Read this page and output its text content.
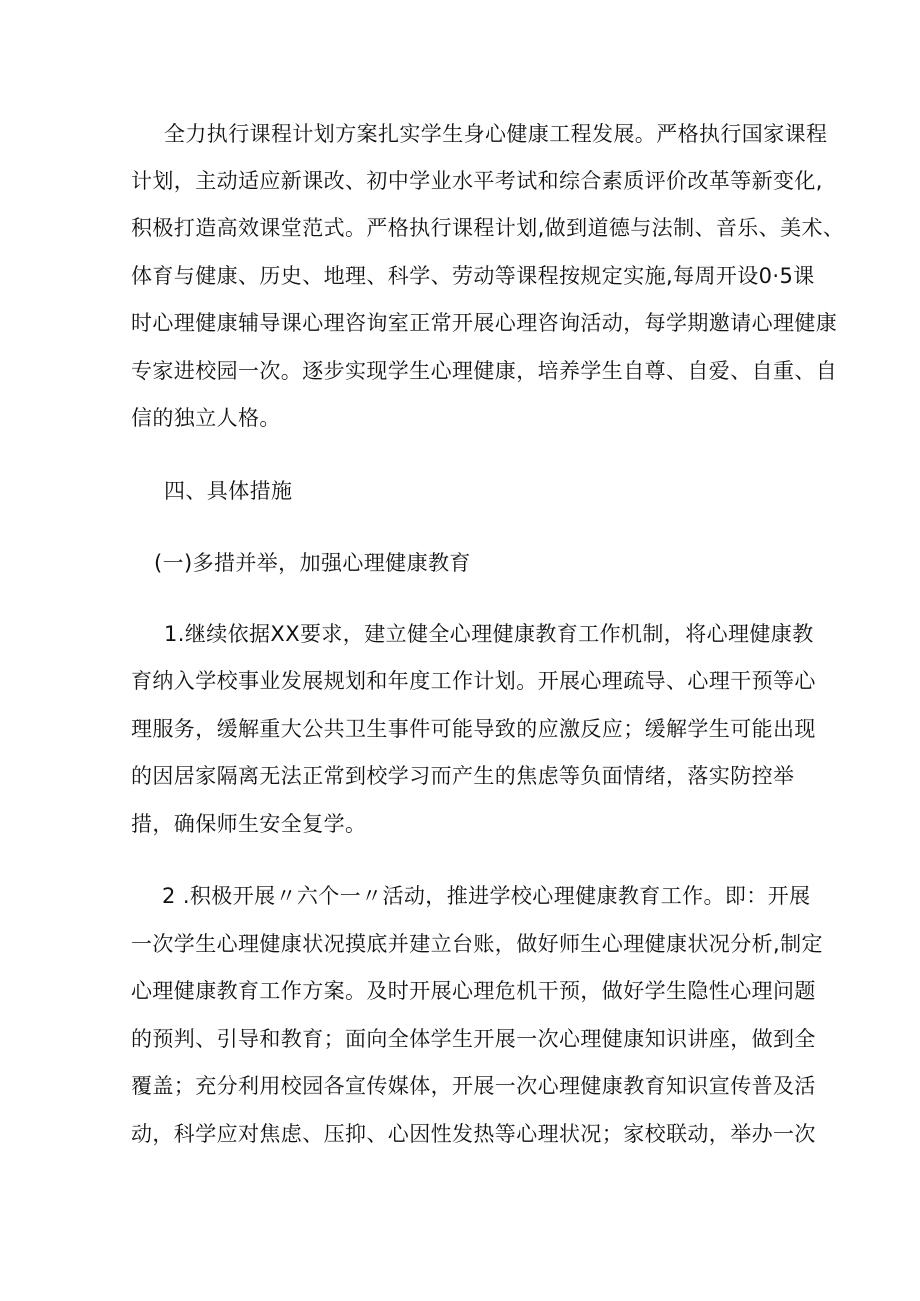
全力执行课程计划方案扎实学生身心健康工程发展。严格执行国家课程
计划，主动适应新课改、初中学业水平考试和综合素质评价改革等新变化,
积极打造高效课堂范式。严格执行课程计划,做到道德与法制、音乐、美术、
体育与健康、历史、地理、科学、劳动等课程按规定实施,每周开设0·5课
时心理健康辅导课心理咨询室正常开展心理咨询活动，每学期邀请心理健康
专家进校园一次。逐步实现学生心理健康，培养学生自尊、自爱、自重、自
信的独立人格。
四、具体措施
(一)多措并举，加强心理健康教育
1.继续依据XX要求，建立健全心理健康教育工作机制，将心理健康教
育纳入学校事业发展规划和年度工作计划。开展心理疏导、心理干预等心
理服务，缓解重大公共卫生事件可能导致的应激反应；缓解学生可能出现
的因居家隔离无法正常到校学习而产生的焦虑等负面情绪，落实防控举
措，确保师生安全复学。
2 .积极开展〃六个一〃活动，推进学校心理健康教育工作。即：开展
一次学生心理健康状况摸底并建立台账，做好师生心理健康状况分析,制定
心理健康教育工作方案。及时开展心理危机干预，做好学生隐性心理问题
的预判、引导和教育；面向全体学生开展一次心理健康知识讲座，做到全
覆盖；充分利用校园各宣传媒体，开展一次心理健康教育知识宣传普及活
动，科学应对焦虑、压抑、心因性发热等心理状况；家校联动，举办一次
